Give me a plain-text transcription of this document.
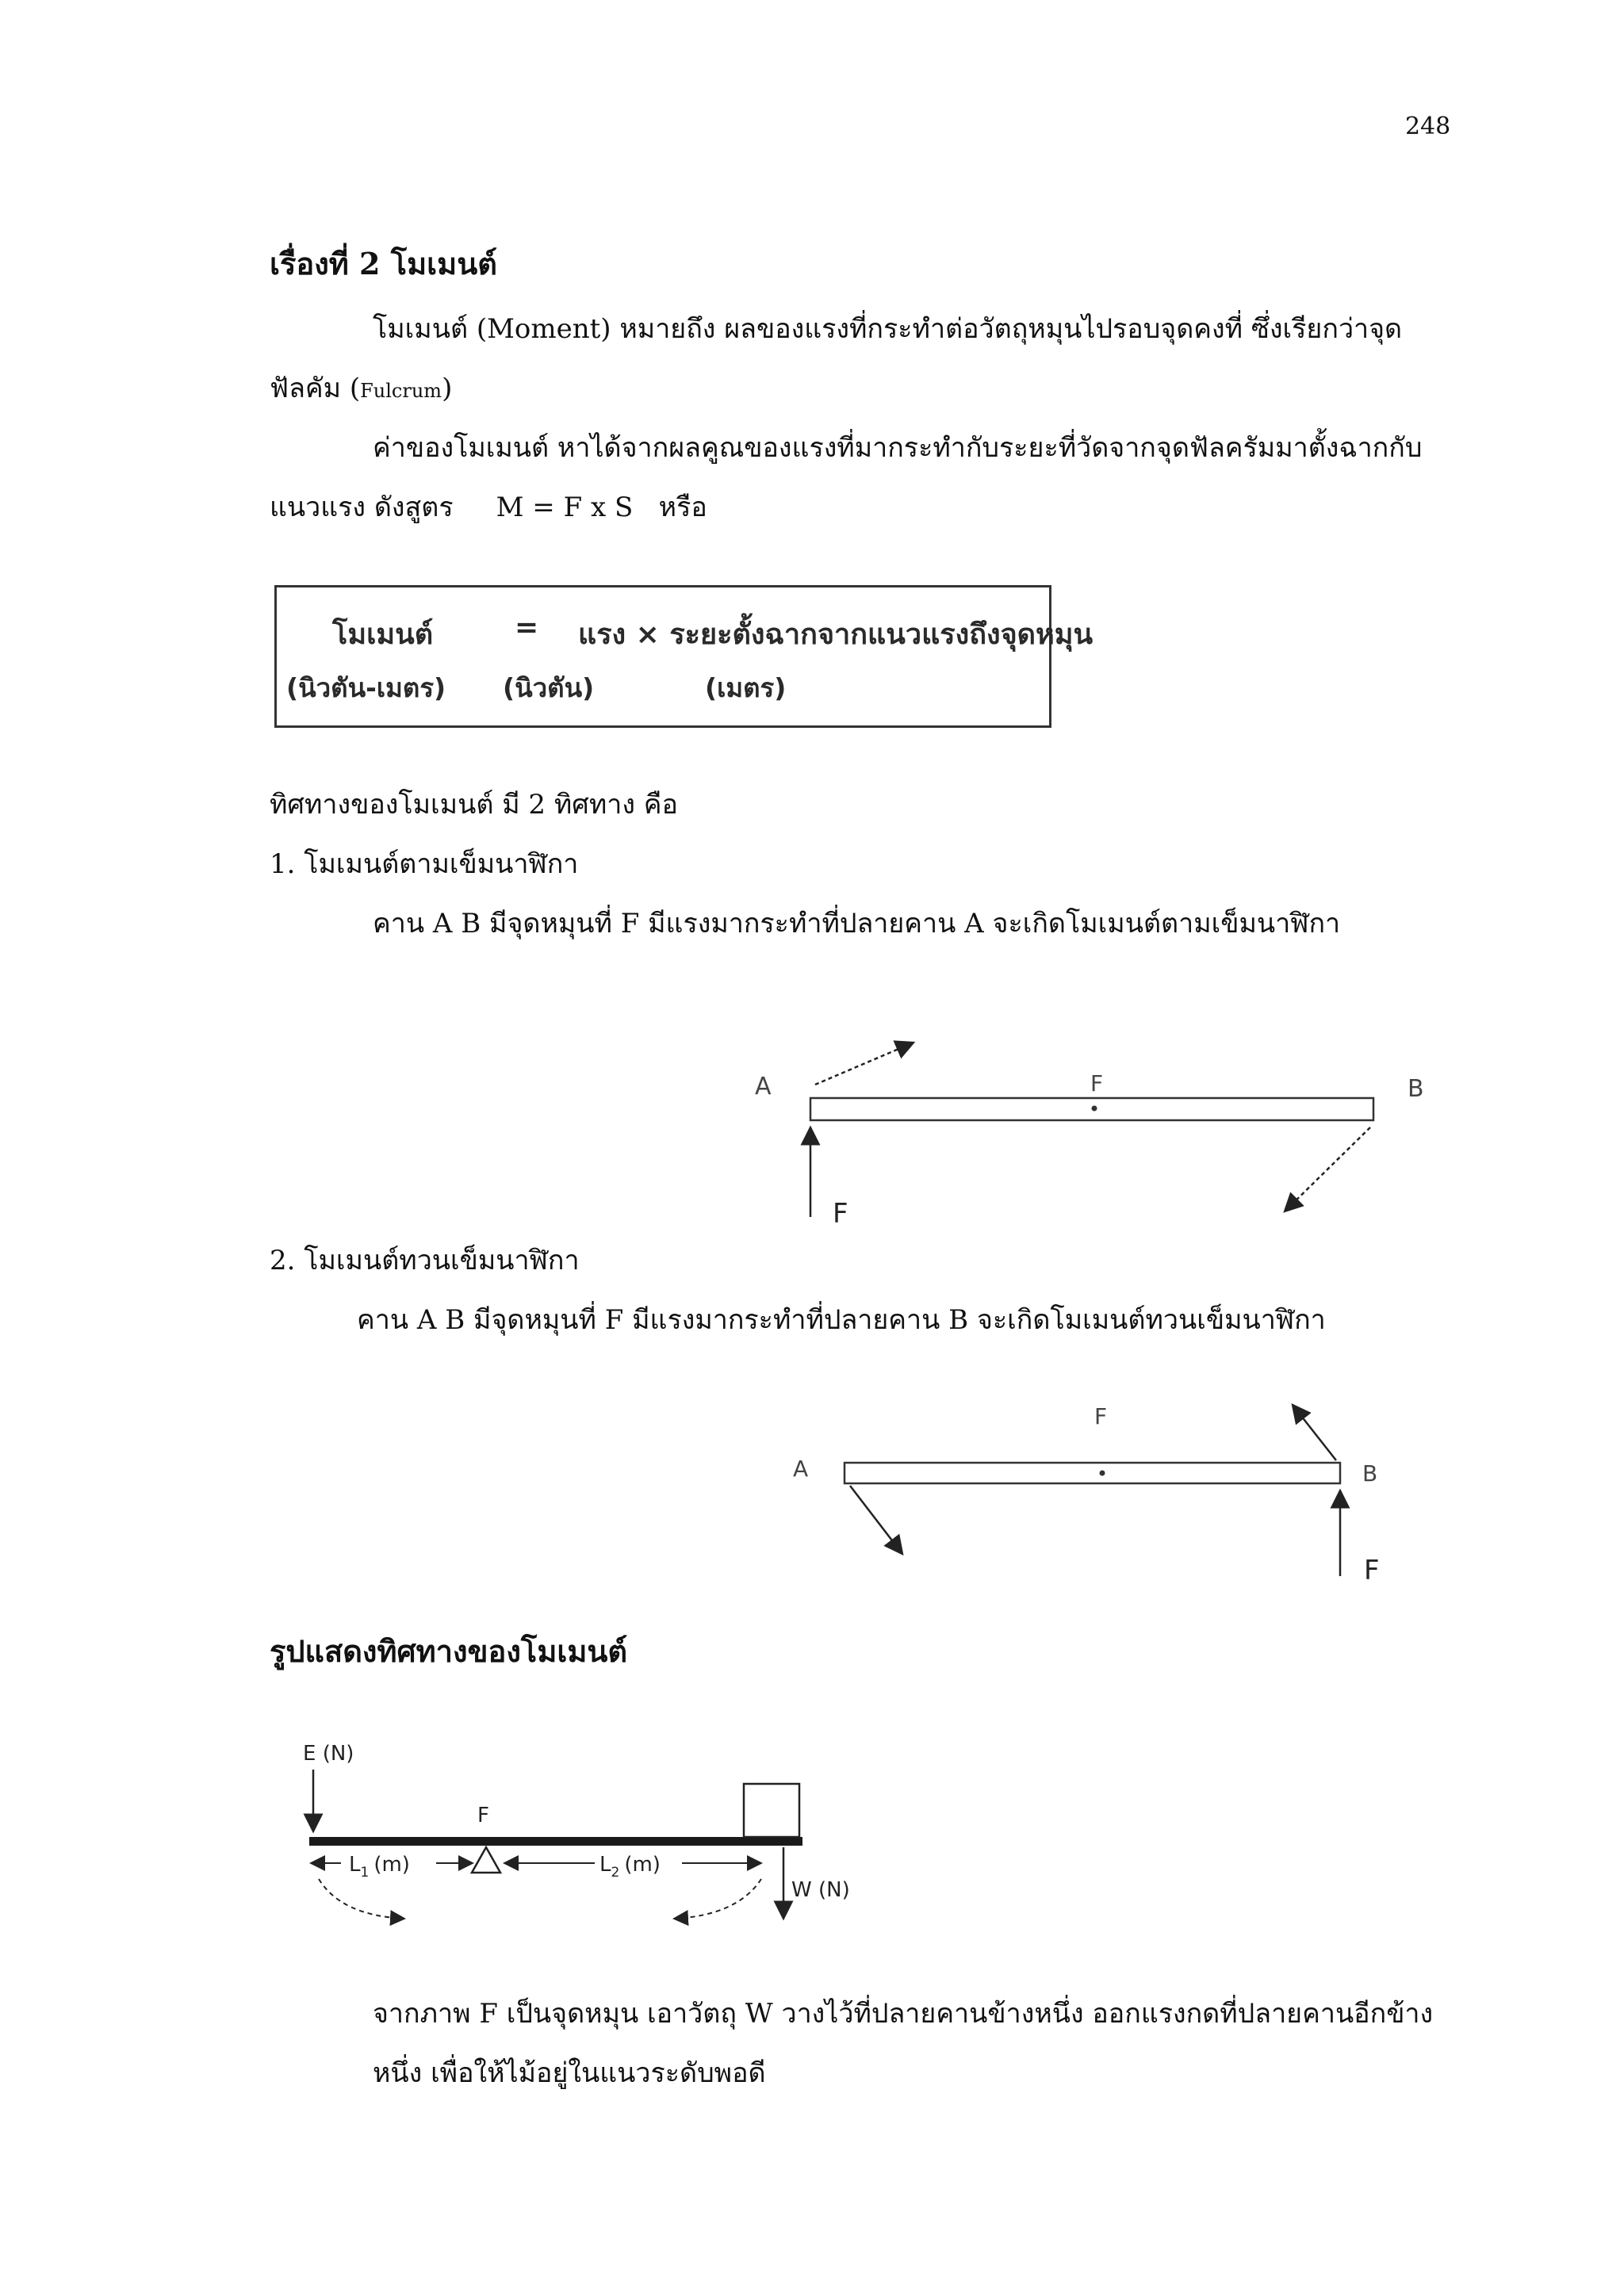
248
เรื่องที่ 2 โมเมนต์
โมเมนต์ (Moment) หมายถึง ผลของแรงที่กระทำต่อวัตถุหมุนไปรอบจุดคงที่ ซึ่งเรียกว่าจุด
ฟัลคัม (Fulcrum)
ค่าของโมเมนต์ หาได้จากผลคูณของแรงที่มากระทำกับระยะที่วัดจากจุดฟัลครัมมาตั้งฉากกับ
แนวแรง ดังสูตร     M = F x S   หรือ
โมเมนต์	= แรง × ระยะตั้งฉากจากแนวแรงถึงจุดหมุน
(นิวตัน-เมตร) (นิวตัน)	(เมตร)
ทิศทางของโมเมนต์ มี 2 ทิศทาง คือ
1. โมเมนต์ตามเข็มนาฬิกา
คาน A B มีจุดหมุนที่ F มีแรงมากระทำที่ปลายคาน A จะเกิดโมเมนต์ตามเข็มนาฬิกา
A	F	B
F
2. โมเมนต์ทวนเข็มนาฬิกา
คาน A B มีจุดหมุนที่ F มีแรงมากระทำที่ปลายคาน B จะเกิดโมเมนต์ทวนเข็มนาฬิกา
A
F
B
F
รูปแสดงทิศทางของโมเมนต์
E (N)
F
$L_1$ (m)	$L_2$ (m)
W (N)
จากภาพ F เป็นจุดหมุน เอาวัตถุ W วางไว้ที่ปลายคานข้างหนึ่ง ออกแรงกดที่ปลายคานอีกข้าง
หนึ่ง เพื่อให้ไม้อยู่ในแนวระดับพอดี
